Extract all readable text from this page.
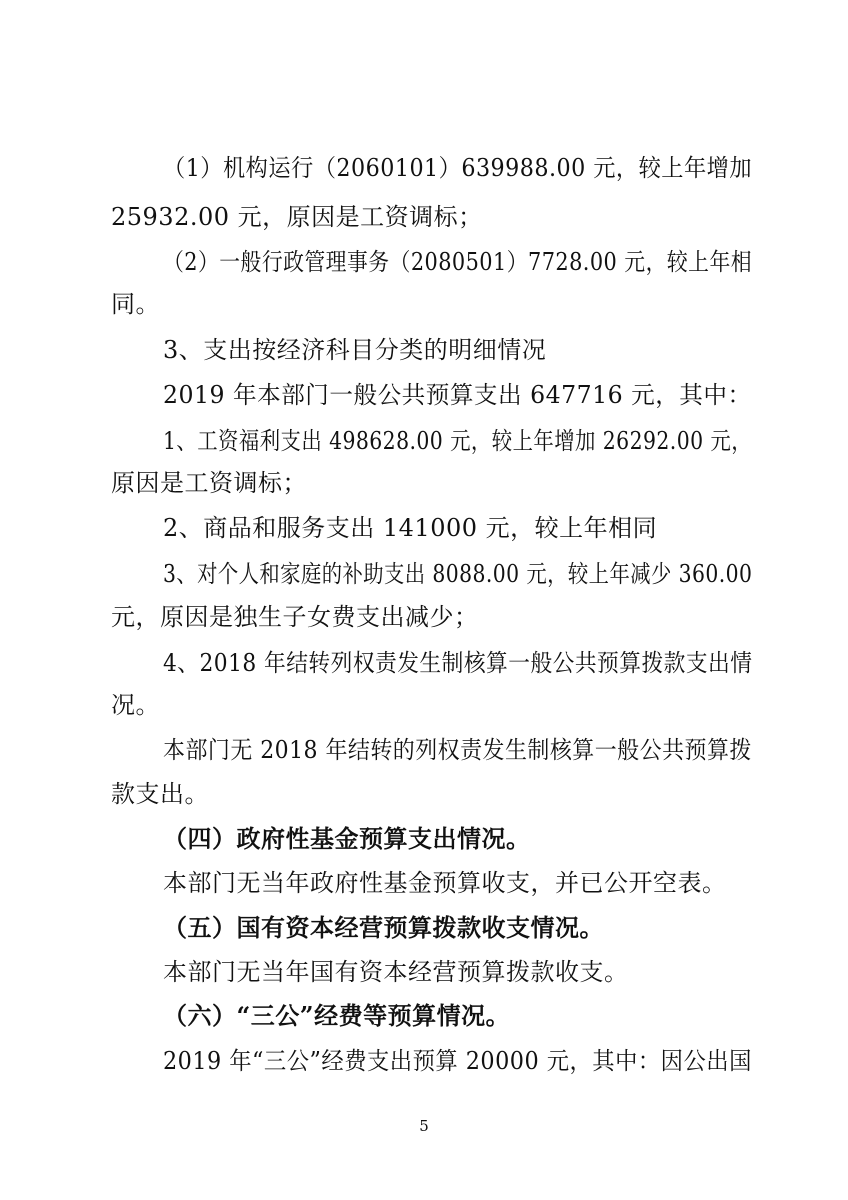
（1）机构运行（2060101）639988.00 元，较上年增加
25932.00 元，原因是工资调标；
（2）一般行政管理事务（2080501）7728.00 元，较上年相
同。
3、支出按经济科目分类的明细情况
2019 年本部门一般公共预算支出 647716 元，其中：
1、工资福利支出 498628.00 元，较上年增加 26292.00 元，
原因是工资调标；
2、商品和服务支出 141000 元，较上年相同
3、对个人和家庭的补助支出 8088.00 元，较上年减少 360.00
元，原因是独生子女费支出减少；
4、2018 年结转列权责发生制核算一般公共预算拨款支出情
况。
本部门无 2018 年结转的列权责发生制核算一般公共预算拨
款支出。
（四）政府性基金预算支出情况。
本部门无当年政府性基金预算收支，并已公开空表。
（五）国有资本经营预算拨款收支情况。
本部门无当年国有资本经营预算拨款收支。
（六）“三公”经费等预算情况。
2019 年“三公”经费支出预算 20000 元，其中：因公出国
5
